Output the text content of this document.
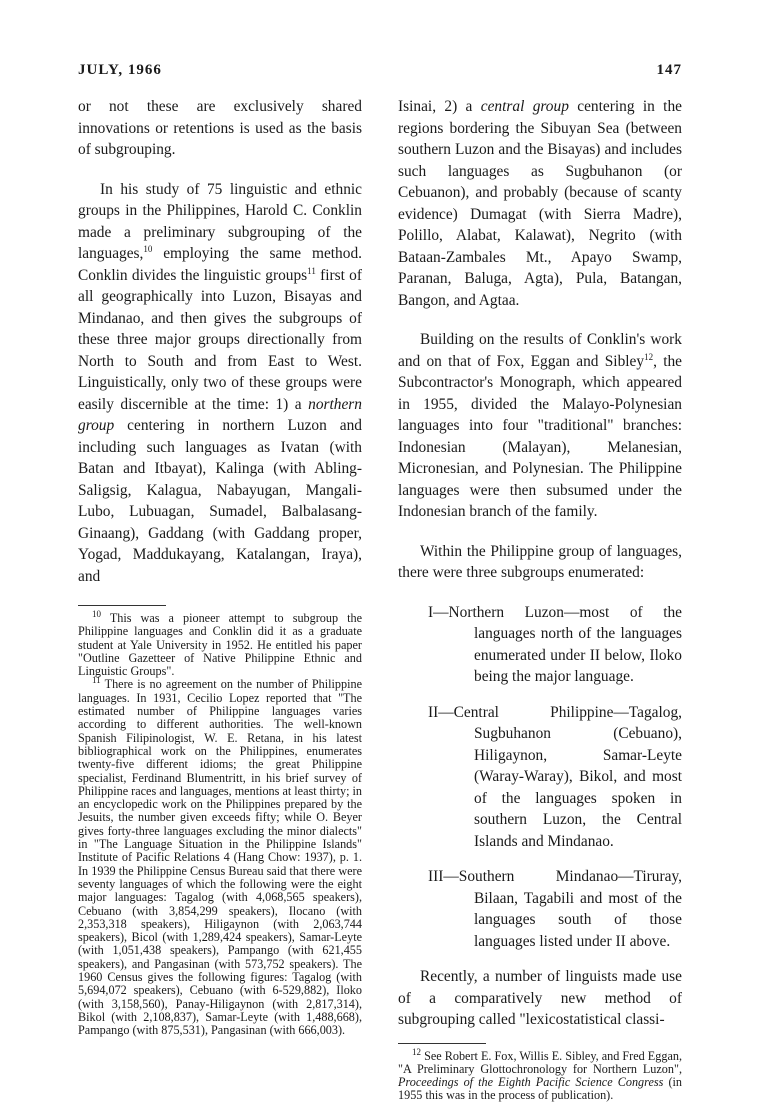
JULY, 1966	147

or not these are exclusively shared innovations or retentions is used as the basis of subgrouping.

In his study of 75 linguistic and ethnic groups in the Philippines, Harold C. Conklin made a preliminary subgrouping of the languages,$^{10}$ employing the same method. Conklin divides the linguistic groups$^{11}$ first of all geographically into Luzon, Bisayas and Mindanao, and then gives the subgroups of these three major groups directionally from North to South and from East to West. Linguistically, only two of these groups were easily discernible at the time: 1) a northern group centering in northern Luzon and including such languages as Ivatan (with Batan and Itbayat), Kalinga (with Abling-Saligsig, Kalagua, Nabayugan, Mangali-Lubo, Lubuagan, Sumadel, Balbalasang-Ginaang), Gaddang (with Gaddang proper, Yogad, Maddukayang, Katalangan, Iraya), and

$^{10}$ This was a pioneer attempt to subgroup the Philippine languages and Conklin did it as a graduate student at Yale University in 1952. He entitled his paper "Outline Gazetteer of Native Philippine Ethnic and Linguistic Groups".

$^{11}$ There is no agreement on the number of Philippine languages. In 1931, Cecilio Lopez reported that "The estimated number of Philippine languages varies according to different authorities. The well-known Spanish Filipinologist, W. E. Retana, in his latest bibliographical work on the Philippines, enumerates twenty-five different idioms; the great Philippine specialist, Ferdinand Blumentritt, in his brief survey of Philippine races and languages, mentions at least thirty; in an encyclopedic work on the Philippines prepared by the Jesuits, the number given exceeds fifty; while O. Beyer gives forty-three languages excluding the minor dialects" in "The Language Situation in the Philippine Islands" Institute of Pacific Relations 4 (Hang Chow: 1937), p. 1. In 1939 the Philippine Census Bureau said that there were seventy languages of which the following were the eight major languages: Tagalog (with 4,068,565 speakers), Cebuano (with 3,854,299 speakers), Ilocano (with 2,353,318 speakers), Hiligaynon (with 2,063,744 speakers), Bicol (with 1,289,424 speakers), Samar-Leyte (with 1,051,438 speakers), Pampango (with 621,455 speakers), and Pangasinan (with 573,752 speakers). The 1960 Census gives the following figures: Tagalog (with 5,694,072 speakers), Cebuano (with 6-529,882), Iloko (with 3,158,560), Panay-Hiligaynon (with 2,817,314), Bikol (with 2,108,837), Samar-Leyte (with 1,488,668), Pampango (with 875,531), Pangasinan (with 666,003).

Isinai, 2) a central group centering in the regions bordering the Sibuyan Sea (between southern Luzon and the Bisayas) and includes such languages as Sugbuhanon (or Cebuanon), and probably (because of scanty evidence) Dumagat (with Sierra Madre), Polillo, Alabat, Kalawat), Negrito (with Bataan-Zambales Mt., Apayo Swamp, Paranan, Baluga, Agta), Pula, Batangan, Bangon, and Agtaa.

Building on the results of Conklin's work and on that of Fox, Eggan and Sibley$^{12}$, the Subcontractor's Monograph, which appeared in 1955, divided the Malayo-Polynesian languages into four "traditional" branches: Indonesian (Malayan), Melanesian, Micronesian, and Polynesian. The Philippine languages were then subsumed under the Indonesian branch of the family.

Within the Philippine group of languages, there were three subgroups enumerated:

I—Northern Luzon—most of the languages north of the languages enumerated under II below, Iloko being the major language.

II—Central Philippine—Tagalog, Sugbuhanon (Cebuano), Hiligaynon, Samar-Leyte (Waray-Waray), Bikol, and most of the languages spoken in southern Luzon, the Central Islands and Mindanao.

III—Southern Mindanao—Tiruray, Bilaan, Tagabili and most of the languages south of those languages listed under II above.

Recently, a number of linguists made use of a comparatively new method of subgrouping called "lexicostatistical classi-

$^{12}$ See Robert E. Fox, Willis E. Sibley, and Fred Eggan, "A Preliminary Glottochronology for Northern Luzon", Proceedings of the Eighth Pacific Science Congress (in 1955 this was in the process of publication).
